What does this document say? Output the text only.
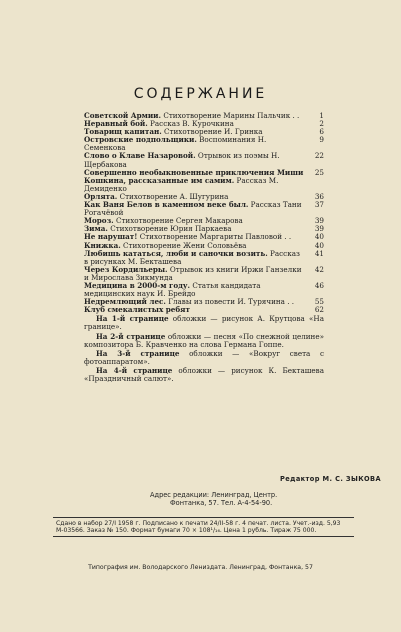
СОДЕРЖАНИЕ
Советской Армии. Стихотворение Марины Пальчик . .	1
Неравный бой. Рассказ В. Курочкина	2
Товарищ капитан. Стихотворение И. Гринка	6
Островские подпольщики. Воспоминания Н. Семенкова
9
Слово о Клаве Назаровой. Отрывок из поэмы Н. Щербакова
22
Совершенно необыкновенные приключения Миши Кошкина, рассказанные им самим. Рассказ М. Демиденко
25
Орлята. Стихотворение А. Шугурина	36
Как Ваня Белов в каменном веке был. Рассказ Тани Рогачёвой
37
Мороз. Стихотворение Сергея Макарова	39
Зима. Стихотворение Юрия Паркаева	39
Не нарушат! Стихотворение Маргариты Павловой . .	40
Книжка. Стихотворение Жени Соловьёва	40
Любишь кататься, люби и саночки возить. Рассказ в рисунках М. Бекташева
41
Через Кордильеры. Отрывок из книги Иржи Ганзелки и Мирослава Зикмунда
42
Медицина в 2000-м году. Статья кандидата медицинских наук И. Брейдо
46
Недремлющий лес. Главы из повести И. Турячина . .	55
Клуб смекалистых ребят	62
На 1-й странице обложки — рисунок А. Крутцова «На границе».
На 2-й странице обложки — песня «По снежной целине» композитора Б. Кравченко на слова Германа Гоппе.
На 3-й странице обложки — «Вокруг света с фотоаппаратом».
На 4-й странице обложки — рисунок К. Бекташева «Праздничный салют».
Редактор М. С. ЗЫКОВА
Адрес редакции: Ленинград, Центр.
Фонтанка, 57. Тел. А-4-54-90.
Сдано в набор 27/I 1958 г. Подписано к печати 24/II-58 г. 4 печат. листа. Учет.-изд. 5,93
М-03566. Заказ № 150. Формат бумаги 70 × 108¹/₁₆. Цена 1 рубль. Тираж 75 000.
Типография им. Володарского Лениздата. Ленинград, Фонтанка, 57
